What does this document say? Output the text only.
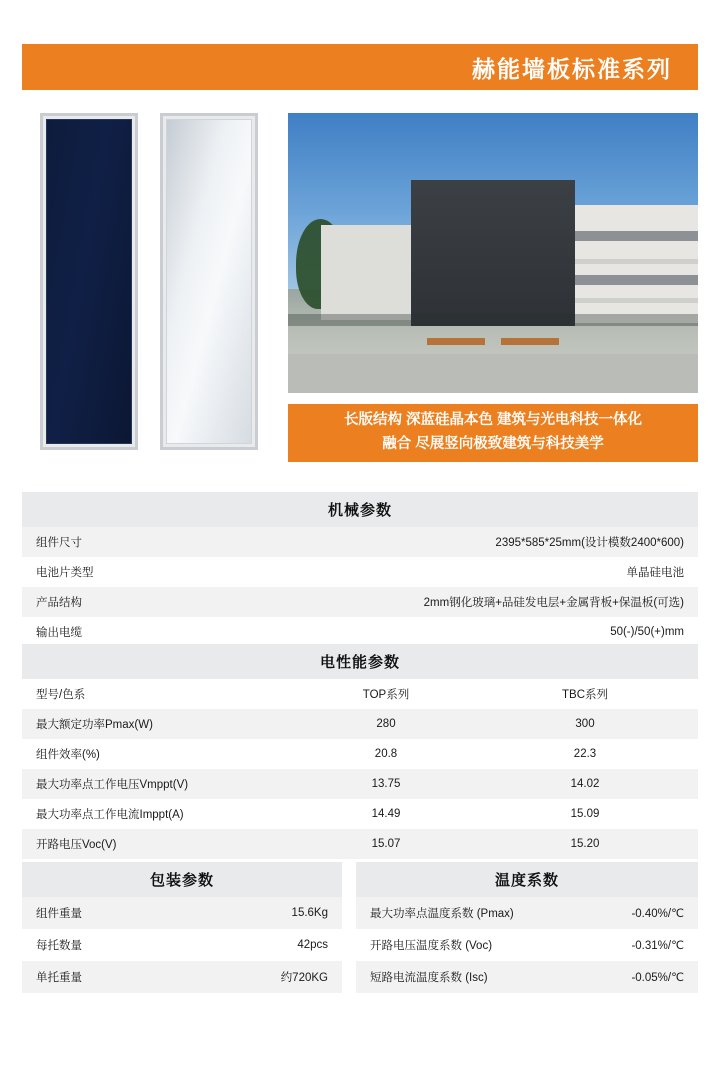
赫能墙板标准系列
长版结构 深蓝硅晶本色 建筑与光电科技一体化
融合 尽展竖向极致建筑与科技美学
机械参数
组件尺寸	2395*585*25mm(设计模数2400*600)
电池片类型	单晶硅电池
产品结构	2mm钢化玻璃+品硅发电层+金属背板+保温板(可选)
输出电缆	50(-)/50(+)mm
电性能参数
型号/色系	TOP系列	TBC系列
最大额定功率Pmax(W)	280	300
组件效率(%)	20.8	22.3
最大功率点工作电压Vmppt(V)	13.75	14.02
最大功率点工作电流Imppt(A)	14.49	15.09
开路电压Voc(V)	15.07	15.20
包装参数
组件重量	15.6Kg
每托数量	42pcs
单托重量	约720KG
温度系数
最大功率点温度系数 (Pmax)	-0.40%/℃
开路电压温度系数 (Voc)	-0.31%/℃
短路电流温度系数 (Isc)	-0.05%/℃
